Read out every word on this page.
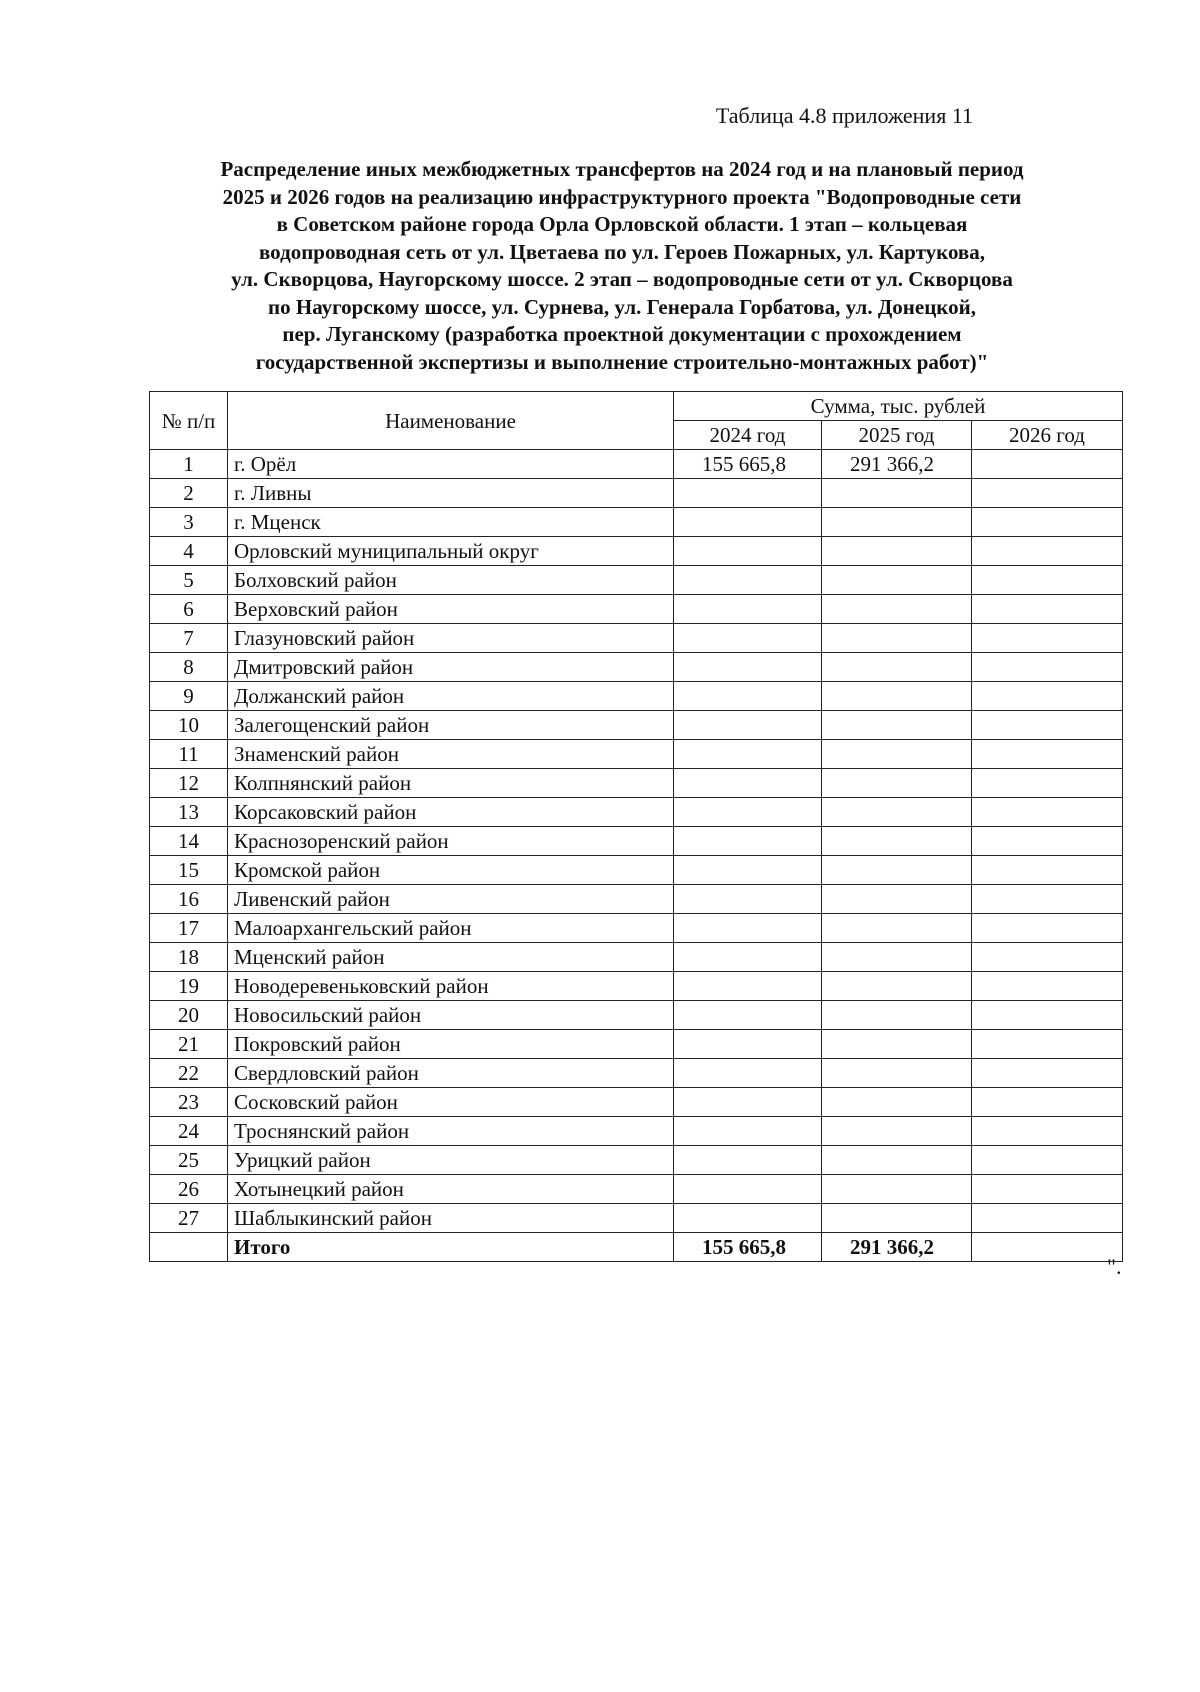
Таблица 4.8 приложения 11
Распределение иных межбюджетных трансфертов на 2024 год и на плановый период
2025 и 2026 годов на реализацию инфраструктурного проекта "Водопроводные сети
в Советском районе города Орла Орловской области. 1 этап – кольцевая
водопроводная сеть от ул. Цветаева по ул. Героев Пожарных, ул. Картукова,
ул. Скворцова, Наугорскому шоссе. 2 этап – водопроводные сети от ул. Скворцова
по Наугорскому шоссе, ул. Сурнева, ул. Генерала Горбатова, ул. Донецкой,
пер. Луганскому (разработка проектной документации с прохождением
государственной экспертизы и выполнение строительно-монтажных работ)"
№ п/п	Наименование	Сумма, тыс. рублей		
		2024 год	2025 год	2026 год
1	г. Орёл	155 665,8	291 366,2	
2	г. Ливны			
3	г. Мценск			
4	Орловский муниципальный округ			
5	Болховский район			
6	Верховский район			
7	Глазуновский район			
8	Дмитровский район			
9	Должанский район			
10	Залегощенский район			
11	Знаменский район			
12	Колпнянский район			
13	Корсаковский район			
14	Краснозоренский район			
15	Кромской район			
16	Ливенский район			
17	Малоархангельский район			
18	Мценский район			
19	Новодеревеньковский район			
20	Новосильский район			
21	Покровский район			
22	Свердловский район			
23	Сосковский район			
24	Троснянский район			
25	Урицкий район			
26	Хотынецкий район			
27	Шаблыкинский район			
	Итого	155 665,8	291 366,2	
".
